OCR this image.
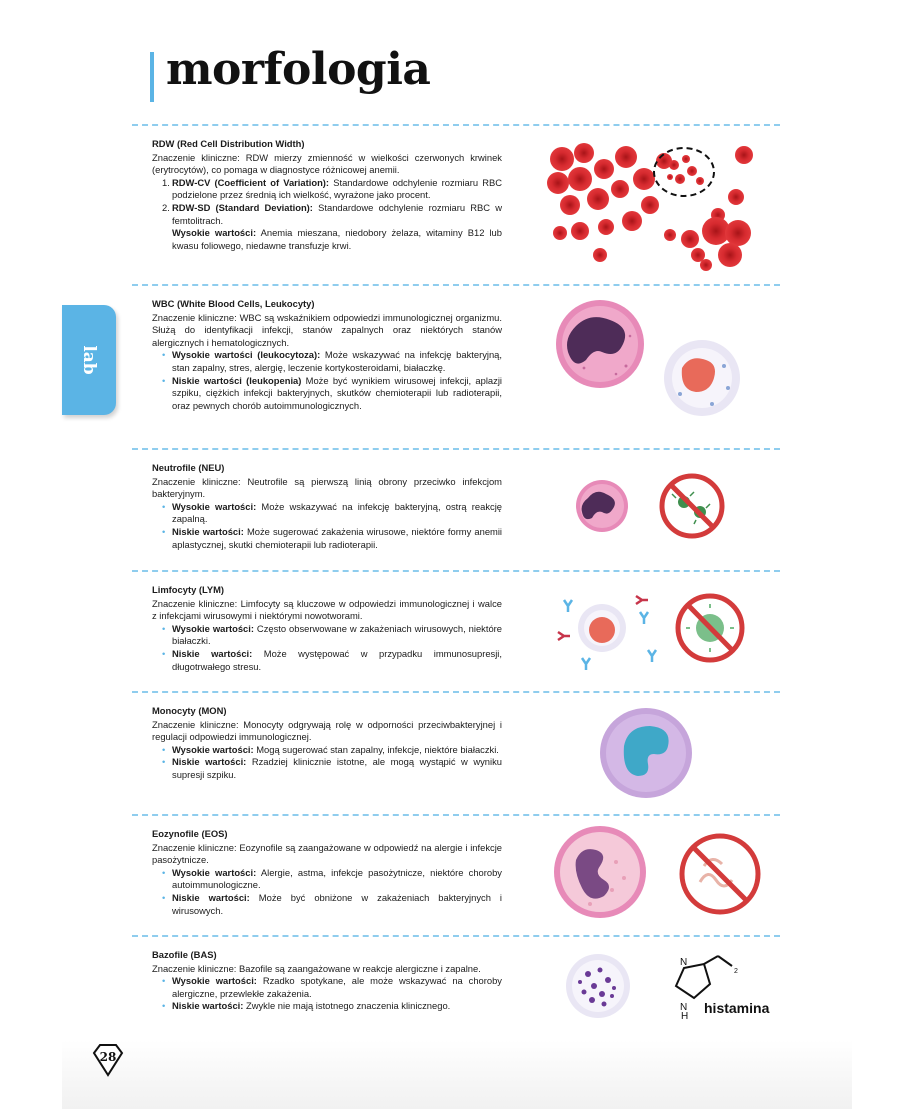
morfologia
lab
RDW (Red Cell Distribution Width)

Znaczenie kliniczne: RDW mierzy zmienność w wielkości czerwonych krwinek (erytrocytów), co pomaga w diagnostyce różnicowej anemii.

1. RDW-CV (Coefficient of Variation): Standardowe odchylenie rozmiaru RBC podzielone przez średnią ich wielkość, wyrażone jako procent.
2. RDW-SD (Standard Deviation): Standardowe odchylenie rozmiaru RBC w femtolitrach.

Wysokie wartości: Anemia mieszana, niedobory żelaza, witaminy B12 lub kwasu foliowego, niedawne transfuzje krwi.

WBC (White Blood Cells, Leukocyty)

Znaczenie kliniczne: WBC są wskaźnikiem odpowiedzi immunologicznej organizmu. Służą do identyfikacji infekcji, stanów zapalnych oraz niektórych stanów alergicznych i hematologicznych.

• Wysokie wartości (leukocytoza): Może wskazywać na infekcję bakteryjną, stan zapalny, stres, alergię, leczenie kortykosteroidami, białaczkę.
• Niskie wartości (leukopenia) Może być wynikiem wirusowej infekcji, aplazji szpiku, ciężkich infekcji bakteryjnych, skutków chemioterapii lub radioterapii, oraz pewnych chorób autoimmunologicznych.
Neutrofile (NEU)

Znaczenie kliniczne: Neutrofile są pierwszą linią obrony przeciwko infekcjom bakteryjnym.

• Wysokie wartości: Może wskazywać na infekcję bakteryjną, ostrą reakcję zapalną.
• Niskie wartości: Może sugerować zakażenia wirusowe, niektóre formy anemii aplastycznej, skutki chemioterapii lub radioterapii.
Limfocyty (LYM)

Znaczenie kliniczne: Limfocyty są kluczowe w odpowiedzi immunologicznej i walce z infekcjami wirusowymi i niektórymi nowotworami.

• Wysokie wartości: Często obserwowane w zakażeniach wirusowych, niektóre białaczki.
• Niskie wartości: Może występować w przypadku immunosupresji, długotrwałego stresu.
Monocyty (MON)

Znaczenie kliniczne: Monocyty odgrywają rolę w odporności przeciwbakteryjnej i regulacji odpowiedzi immunologicznej.

• Wysokie wartości: Mogą sugerować stan zapalny, infekcje, niektóre białaczki.
• Niskie wartości: Rzadziej klinicznie istotne, ale mogą wystąpić w wyniku supresji szpiku.
Eozynofile (EOS)

Znaczenie kliniczne: Eozynofile są zaangażowane w odpowiedź na alergie i infekcje pasożytnicze.

• Wysokie wartości: Alergie, astma, infekcje pasożytnicze, niektóre choroby autoimmunologiczne.
• Niskie wartości: Może być obniżone w zakażeniach bakteryjnych i wirusowych.
Bazofile (BAS)

Znaczenie kliniczne: Bazofile są zaangażowane w reakcje alergiczne i zapalne.

• Wysokie wartości: Rzadko spotykane, ale może wskazywać na choroby alergiczne, przewlekłe zakażenia.
• Niskie wartości: Zwykle nie mają istotnego znaczenia klinicznego.
N
N
H
$_2$
histamina
28
